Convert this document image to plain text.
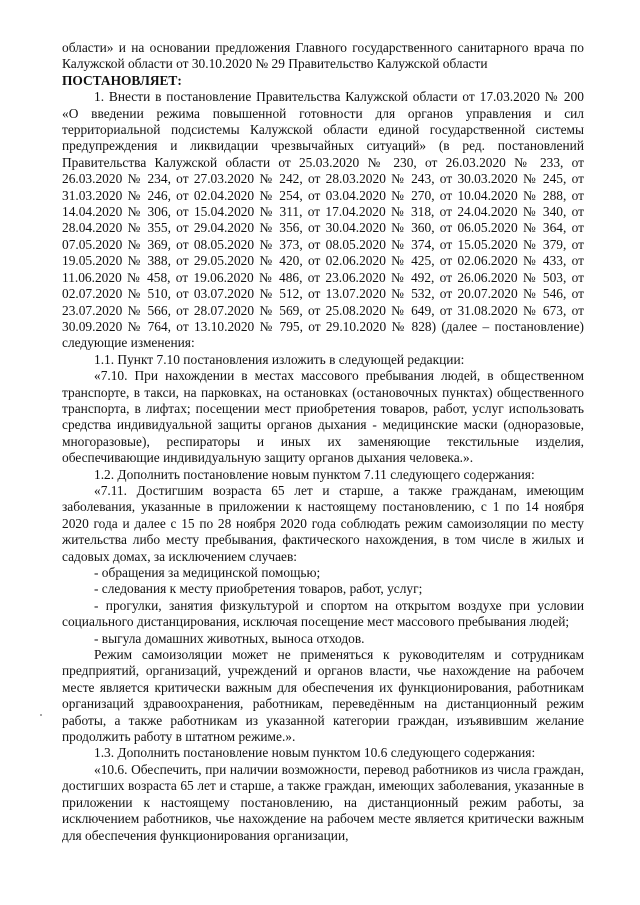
области» и на основании предложения Главного государственного санитарного врача по Калужской области от 30.10.2020 № 29 Правительство Калужской области
ПОСТАНОВЛЯЕТ:

1. Внести в постановление Правительства Калужской области от 17.03.2020 № 200 «О введении режима повышенной готовности для органов управления и сил территориальной подсистемы Калужской области единой государственной системы предупреждения и ликвидации чрезвычайных ситуаций» (в ред. постановлений Правительства Калужской области от 25.03.2020 № 230, от 26.03.2020 № 233, от 26.03.2020 № 234, от 27.03.2020 № 242, от 28.03.2020 № 243, от 30.03.2020 № 245, от 31.03.2020 № 246, от 02.04.2020 № 254, от 03.04.2020 № 270, от 10.04.2020 № 288, от 14.04.2020 № 306, от 15.04.2020 № 311, от 17.04.2020 № 318, от 24.04.2020 № 340, от 28.04.2020 № 355, от 29.04.2020 № 356, от 30.04.2020 № 360, от 06.05.2020 № 364, от 07.05.2020 № 369, от 08.05.2020 № 373, от 08.05.2020 № 374, от 15.05.2020 № 379, от 19.05.2020 № 388, от 29.05.2020 № 420, от 02.06.2020 № 425, от 02.06.2020 № 433, от 11.06.2020 № 458, от 19.06.2020 № 486, от 23.06.2020 № 492, от 26.06.2020 № 503, от 02.07.2020 № 510, от 03.07.2020 № 512, от 13.07.2020 № 532, от 20.07.2020 № 546, от 23.07.2020 № 566, от 28.07.2020 № 569, от 25.08.2020 № 649, от 31.08.2020 № 673, от 30.09.2020 № 764, от 13.10.2020 № 795, от 29.10.2020 № 828) (далее – постановление) следующие изменения:

1.1. Пункт 7.10 постановления изложить в следующей редакции:

«7.10. При нахождении в местах массового пребывания людей, в общественном транспорте, в такси, на парковках, на остановках (остановочных пунктах) общественного транспорта, в лифтах; посещении мест приобретения товаров, работ, услуг использовать средства индивидуальной защиты органов дыхания - медицинские маски (одноразовые, многоразовые), респираторы и иных их заменяющие текстильные изделия, обеспечивающие индивидуальную защиту органов дыхания человека.».

1.2. Дополнить постановление новым пунктом 7.11 следующего содержания:

«7.11. Достигшим возраста 65 лет и старше, а также гражданам, имеющим заболевания, указанные в приложении к настоящему постановлению, с 1 по 14 ноября 2020 года и далее с 15 по 28 ноября 2020 года соблюдать режим самоизоляции по месту жительства либо месту пребывания, фактического нахождения, в том числе в жилых и садовых домах, за исключением случаев:

- обращения за медицинской помощью;

- следования к месту приобретения товаров, работ, услуг;

- прогулки, занятия физкультурой и спортом на открытом воздухе при условии социального дистанцирования, исключая посещение мест массового пребывания людей;

- выгула домашних животных, выноса отходов.

Режим самоизоляции может не применяться к руководителям и сотрудникам предприятий, организаций, учреждений и органов власти, чье нахождение на рабочем месте является критически важным для обеспечения их функционирования, работникам организаций здравоохранения, работникам, переведённым на дистанционный режим работы, а также работникам из указанной категории граждан, изъявившим желание продолжить работу в штатном режиме.».

1.3. Дополнить постановление новым пунктом 10.6 следующего содержания:

«10.6. Обеспечить, при наличии возможности, перевод работников из числа граждан, достигших возраста 65 лет и старше, а также граждан, имеющих заболевания, указанные в приложении к настоящему постановлению, на дистанционный режим работы, за исключением работников, чье нахождение на рабочем месте является критически важным для обеспечения функционирования организации,
